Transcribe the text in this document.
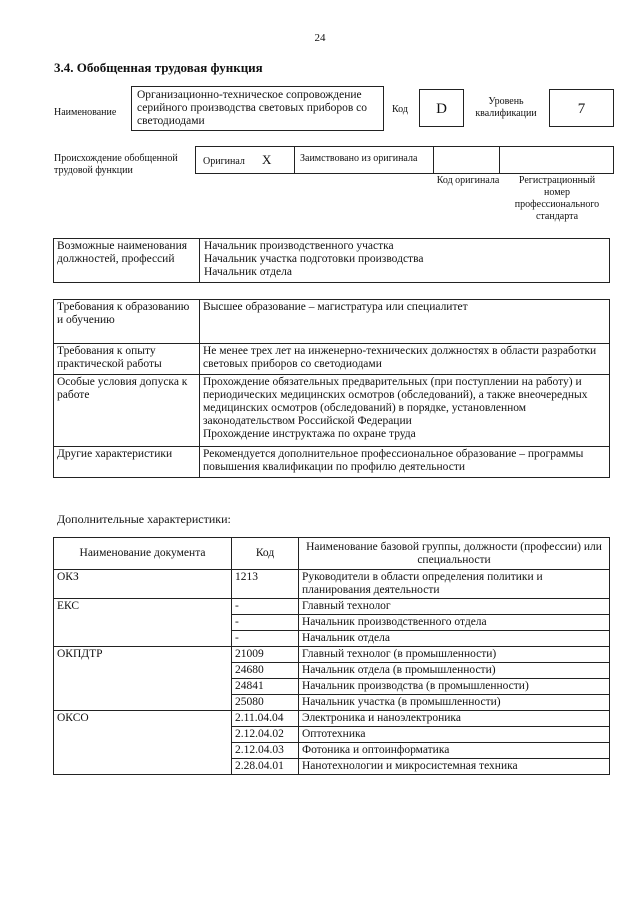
24
3.4. Обобщенная трудовая функция
Наименование
Организационно-техническое сопровождение серийного производства световых приборов со светодиодами
Код	D	Уровень квалификации	7
Происхождение обобщенной трудовой функции
Оригинал X	Заимствовано из оригинала
Код оригинала	Регистрационный номер профессионального стандарта
Возможные наименования должностей, профессий	
Начальник производственного участка
Начальник участка подготовки производства
Начальник отдела
Требования к образованию и обучению	Высшее образование – магистратура или специалитет
Требования к опыту практической работы	Не менее трех лет на инженерно-технических должностях в области разработки световых приборов со светодиодами
Особые условия допуска к работе	Прохождение обязательных предварительных (при поступлении на работу) и периодических медицинских осмотров (обследований), а также внеочередных медицинских осмотров (обследований) в порядке, установленном законодательством Российской Федерации
Прохождение инструктажа по охране труда

Другие характеристики	Рекомендуется дополнительное профессиональное образование – программы повышения квалификации по профилю деятельности
Дополнительные характеристики:
Наименование документа	Код	Наименование базовой группы, должности (профессии) или специальности
ОКЗ	1213	Руководители в области определения политики и планирования деятельности
ЕКС	-	Главный технолог
	-	Начальник производственного отдела
	-	Начальник отдела
ОКПДТР	21009	Главный технолог (в промышленности)
	24680	Начальник отдела (в промышленности)
	24841	Начальник производства (в промышленности)
	25080	Начальник участка (в промышленности)
ОКСО	2.11.04.04	Электроника и наноэлектроника
	2.12.04.02	Оптотехника
	2.12.04.03	Фотоника и оптоинформатика
	2.28.04.01	Нанотехнологии и микросистемная техника
